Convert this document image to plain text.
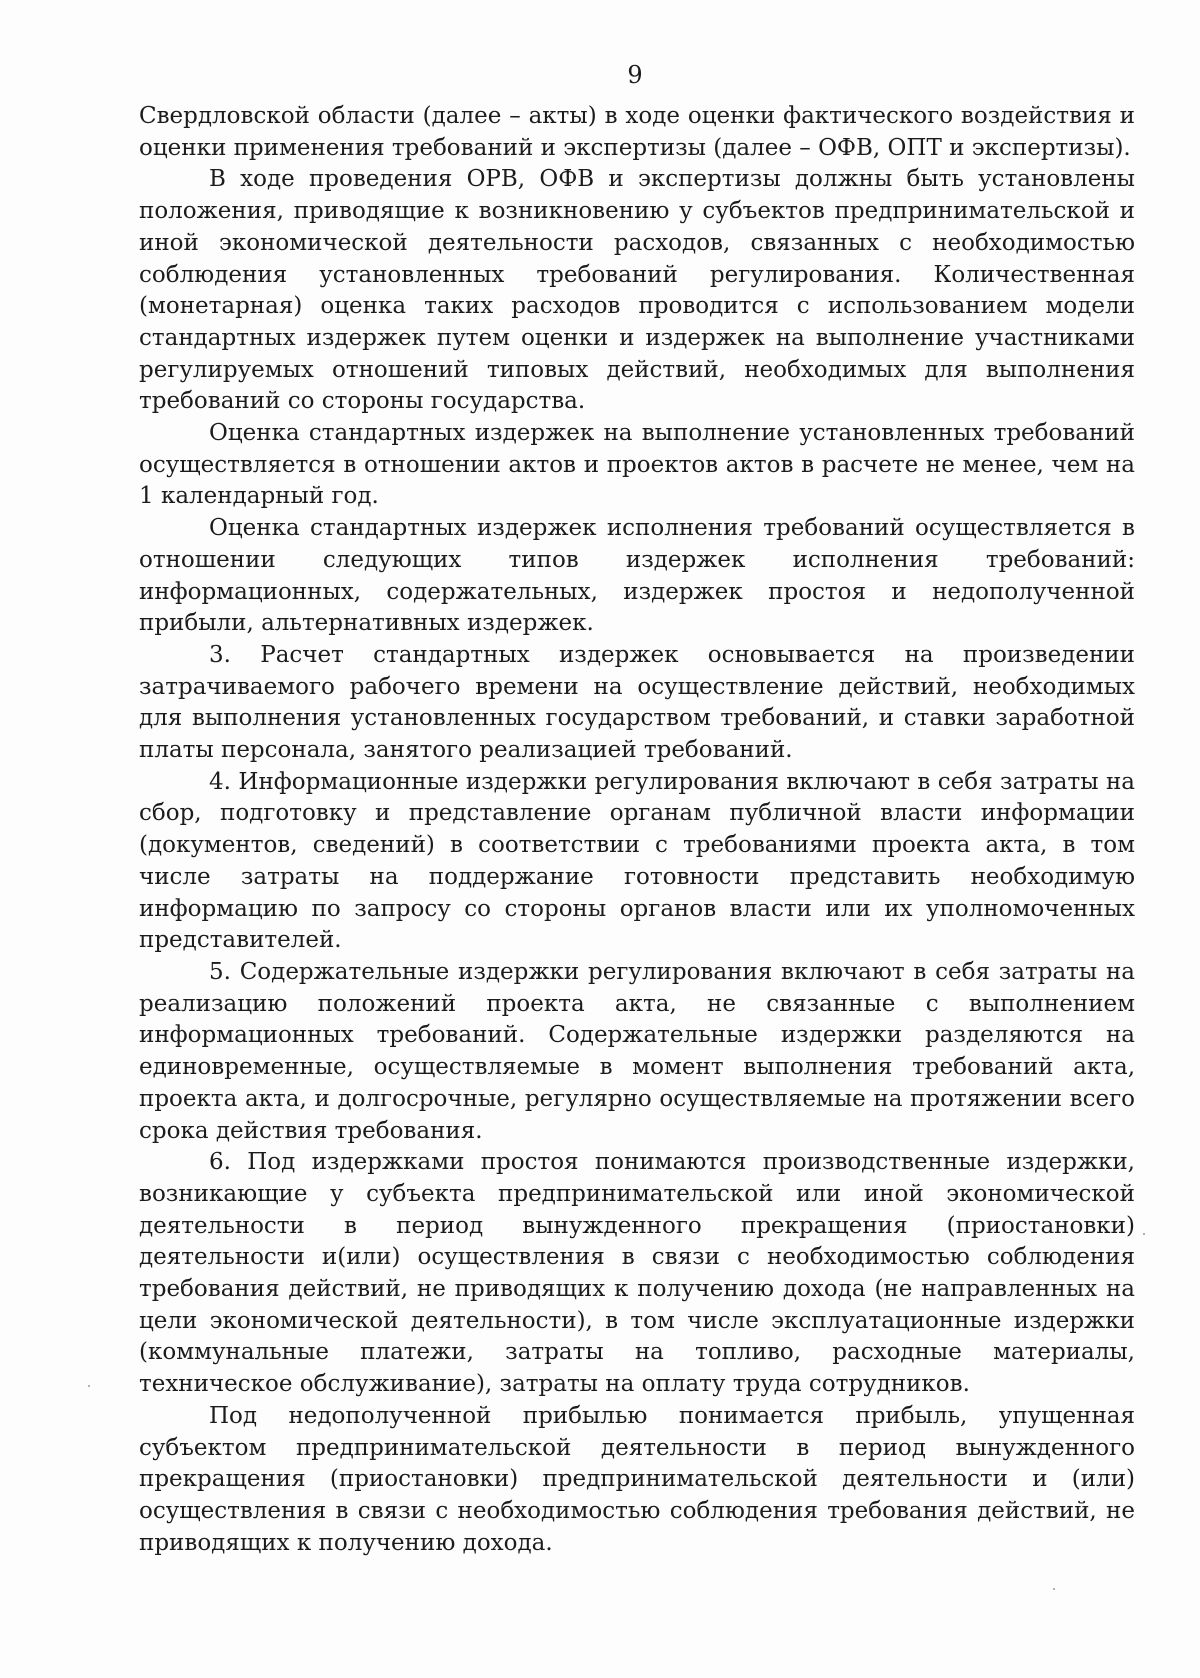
9

Свердловской области (далее – акты) в ходе оценки фактического воздействия и оценки применения требований и экспертизы (далее – ОФВ, ОПТ и экспертизы).

В ходе проведения ОРВ, ОФВ и экспертизы должны быть установлены положения, приводящие к возникновению у субъектов предпринимательской и иной экономической деятельности расходов, связанных с необходимостью соблюдения установленных требований регулирования. Количественная (монетарная) оценка таких расходов проводится с использованием модели стандартных издержек путем оценки и издержек на выполнение участниками регулируемых отношений типовых действий, необходимых для выполнения требований со стороны государства.

Оценка стандартных издержек на выполнение установленных требований осуществляется в отношении актов и проектов актов в расчете не менее, чем на 1 календарный год.

Оценка стандартных издержек исполнения требований осуществляется в отношении следующих типов издержек исполнения требований: информационных, содержательных, издержек простоя и недополученной прибыли, альтернативных издержек.

3. Расчет стандартных издержек основывается на произведении затрачиваемого рабочего времени на осуществление действий, необходимых для выполнения установленных государством требований, и ставки заработной платы персонала, занятого реализацией требований.

4. Информационные издержки регулирования включают в себя затраты на сбор, подготовку и представление органам публичной власти информации (документов, сведений) в соответствии с требованиями проекта акта, в том числе затраты на поддержание готовности представить необходимую информацию по запросу со стороны органов власти или их уполномоченных представителей.

5. Содержательные издержки регулирования включают в себя затраты на реализацию положений проекта акта, не связанные с выполнением информационных требований. Содержательные издержки разделяются на единовременные, осуществляемые в момент выполнения требований акта, проекта акта, и долгосрочные, регулярно осуществляемые на протяжении всего срока действия требования.

6. Под издержками простоя понимаются производственные издержки, возникающие у субъекта предпринимательской или иной экономической деятельности в период вынужденного прекращения (приостановки) деятельности и(или) осуществления в связи с необходимостью соблюдения требования действий, не приводящих к получению дохода (не направленных на цели экономической деятельности), в том числе эксплуатационные издержки (коммунальные платежи, затраты на топливо, расходные материалы, техническое обслуживание), затраты на оплату труда сотрудников.

Под недополученной прибылью понимается прибыль, упущенная субъектом предпринимательской деятельности в период вынужденного прекращения (приостановки) предпринимательской деятельности и (или) осуществления в связи с необходимостью соблюдения требования действий, не приводящих к получению дохода.
